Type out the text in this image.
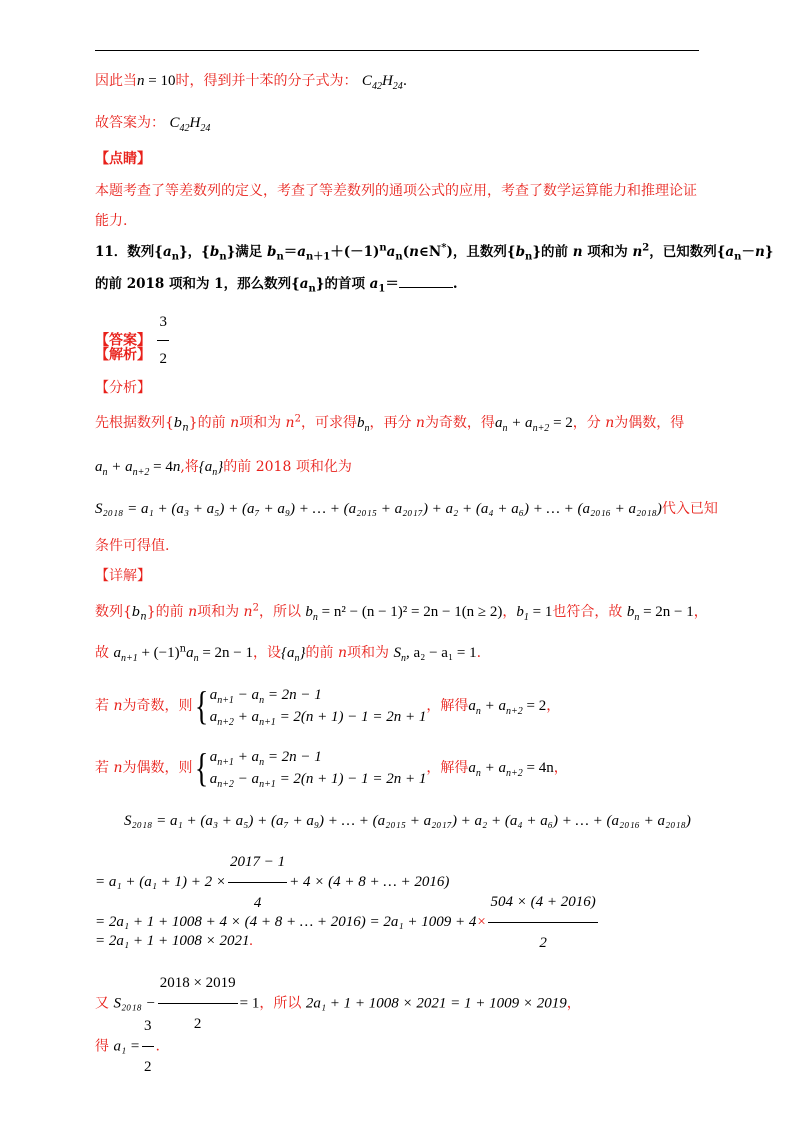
因此当n = 10时，得到并十苯的分子式为： $C_{42}H_{24}$.
故答案为： $C_{42}H_{24}$
【点睛】
本题考查了等差数列的定义，考查了等差数列的通项公式的应用，考查了数学运算能力和推理论证
能力.
11．数列$\{a_n\}$，$\{b_n\}$满足 $b_n=a_{n+1}+(-1)^na_n(n\in N^*)$，且数列$\{b_n\}$的前 n 项和为 $n^2$，已知数列$\{a_n-n\}$
的前 2018 项和为 1，那么数列$\{a_n\}$的首项 $a_1=$	.
【答案】 $\frac{3}{2}$
【解析】
【分析】
先根据数列$\{b_n\}$的前 n项和为 $n^2$，可求得$b_n$，再分 n为奇数，得$a_n + a_{n+2} = 2$，分 n为偶数，得
$a_n + a_{n+2} = 4n$,将$\{a_n\}$的前 2018 项和化为
S₂₀₁₈ = a₁ + (a₃ + a₅) + (a₇ + a₉) + … + (a₂₀₁₅ + a₂₀₁₇) + a₂ + (a₄ + a₆) + … + (a₂₀₁₆ + a₂₀₁₈)代入已知
条件可得值.
【详解】
数列$\{b_n\}$的前 n项和为 $n^2$，所以 $b_n = n^2 - (n - 1)^2 = 2n - 1(n \ge 2)$，$b_1 = 1$也符合，故 $b_n = 2n - 1$，
故 $a_{n+1} + (-1)^na_n = 2n - 1$，设$\{a_n\}$的前 n项和为 $S_n$, a₂ − a₁ = 1.
若 n为奇数，则{ $a_{n+1} - a_n = 2n - 1$
$a_{n+2} + a_{n+1} = 2(n + 1) - 1 = 2n + 1$
，解得$a_n + a_{n+2} = 2$，
若 n为偶数，则{ $a_{n+1} + a_n = 2n - 1$
$a_{n+2} - a_{n+1} = 2(n + 1) - 1 = 2n + 1$
，解得$a_n + a_{n+2} = 4n$，
S₂₀₁₈ = a₁ + (a₃ + a₅) + (a₇ + a₉) + … + (a₂₀₁₅ + a₂₀₁₇) + a₂ + (a₄ + a₆) + … + (a₂₀₁₆ + a₂₀₁₈)
= $a_1 + (a_1 + 1) + 2 \times \frac{2017 - 1}{4} + 4 \times (4 + 8$ + … + 2016)
= 2a₁ + 1 + 1008 + 4 × (4 + 8 + … + $2016) = 2a_1 + 1009 + 4\times \frac{504 \times (4 + 2016)}{2}$
= 2a₁ + 1 + 1008 × 2021.
又 $S_{2018} - \frac{2018 \times 2019}{2} = 1$，所以 2a₁ + 1 + 1008 × 2021 = 1 + 1009 × 2019，
得 $a_1 = \frac{3}{2}$ .
